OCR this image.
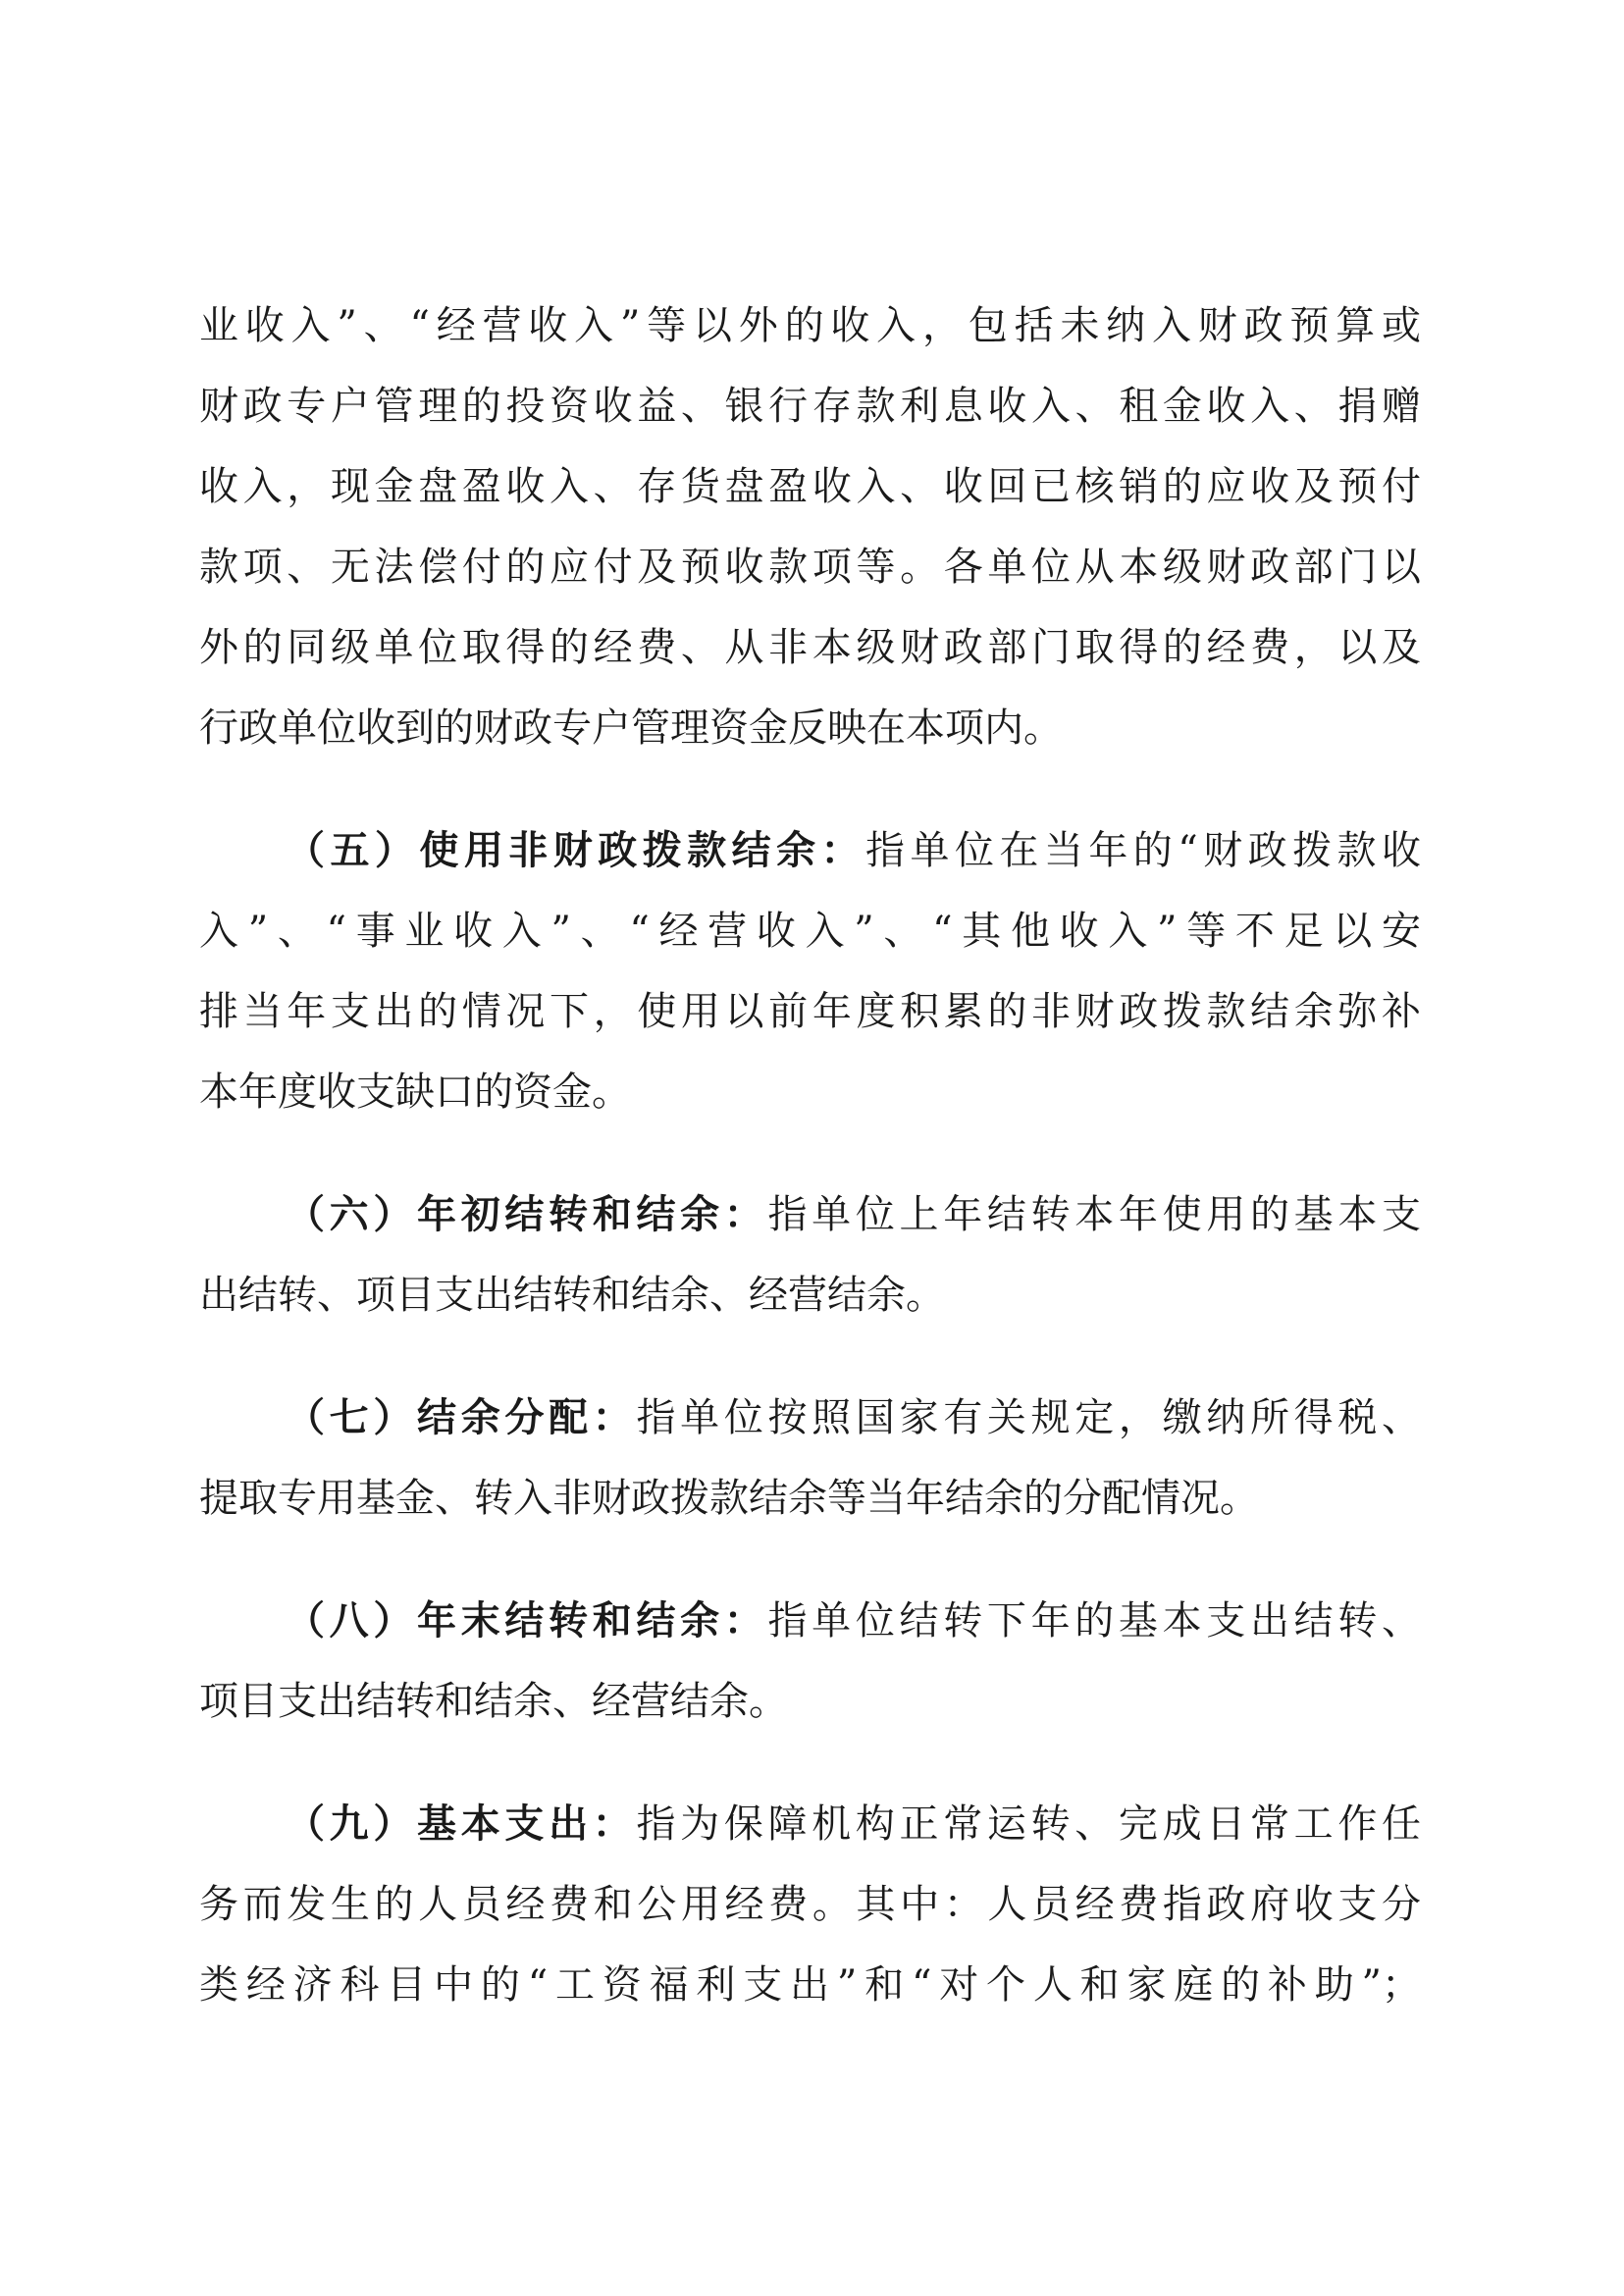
业收入”、“经营收入”等以外的收入，包括未纳入财政预算或
财政专户管理的投资收益、银行存款利息收入、租金收入、捐赠
收入，现金盘盈收入、存货盘盈收入、收回已核销的应收及预付
款项、无法偿付的应付及预收款项等。各单位从本级财政部门以
外的同级单位取得的经费、从非本级财政部门取得的经费，以及
行政单位收到的财政专户管理资金反映在本项内。
（五）使用非财政拨款结余：指单位在当年的“财政拨款收
入”、“事业收入”、“经营收入”、“其他收入”等不足以安
排当年支出的情况下，使用以前年度积累的非财政拨款结余弥补
本年度收支缺口的资金。
（六）年初结转和结余：指单位上年结转本年使用的基本支
出结转、项目支出结转和结余、经营结余。
（七）结余分配：指单位按照国家有关规定，缴纳所得税、
提取专用基金、转入非财政拨款结余等当年结余的分配情况。
（八）年末结转和结余：指单位结转下年的基本支出结转、
项目支出结转和结余、经营结余。
（九）基本支出：指为保障机构正常运转、完成日常工作任
务而发生的人员经费和公用经费。其中：人员经费指政府收支分
类经济科目中的“工资福利支出”和“对个人和家庭的补助”；
